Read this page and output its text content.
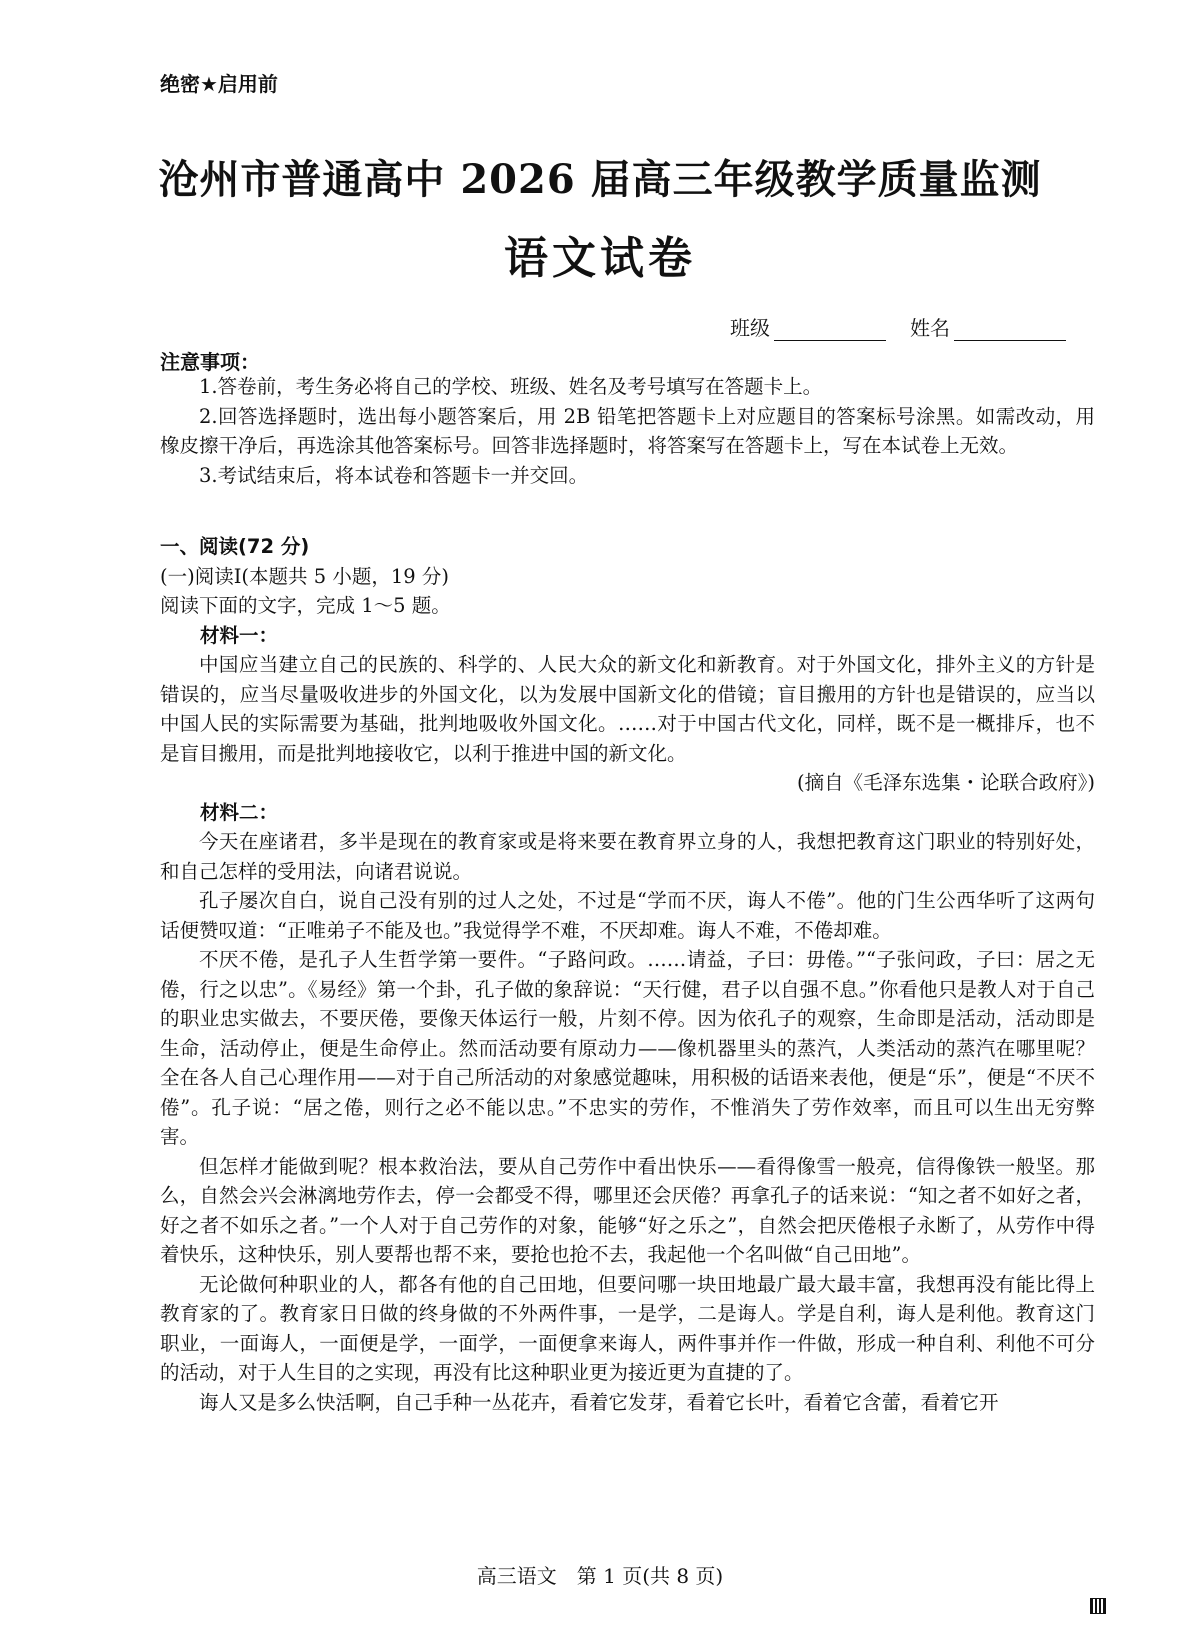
绝密★启用前
沧州市普通高中 2026 届高三年级教学质量监测
语文试卷
班级	姓名
注意事项：

1.答卷前，考生务必将自己的学校、班级、姓名及考号填写在答题卡上。

2.回答选择题时，选出每小题答案后，用 2B 铅笔把答题卡上对应题目的答案标号涂黑。如需改动，用橡皮擦干净后，再选涂其他答案标号。回答非选择题时，将答案写在答题卡上，写在本试卷上无效。

3.考试结束后，将本试卷和答题卡一并交回。

一、阅读(72 分)

(一)阅读Ⅰ(本题共 5 小题，19 分)

阅读下面的文字，完成 1～5 题。

材料一：

中国应当建立自己的民族的、科学的、人民大众的新文化和新教育。对于外国文化，排外主义的方针是错误的，应当尽量吸收进步的外国文化，以为发展中国新文化的借镜；盲目搬用的方针也是错误的，应当以中国人民的实际需要为基础，批判地吸收外国文化。……对于中国古代文化，同样，既不是一概排斥，也不是盲目搬用，而是批判地接收它，以利于推进中国的新文化。

(摘自《毛泽东选集・论联合政府》)

材料二：

今天在座诸君，多半是现在的教育家或是将来要在教育界立身的人，我想把教育这门职业的特别好处，和自己怎样的受用法，向诸君说说。

孔子屡次自白，说自己没有别的过人之处，不过是“学而不厌，诲人不倦”。他的门生公西华听了这两句话便赞叹道：“正唯弟子不能及也。”我觉得学不难，不厌却难。诲人不难，不倦却难。

不厌不倦，是孔子人生哲学第一要件。“子路问政。……请益，子曰：毋倦。”“子张问政，子曰：居之无倦，行之以忠”。《易经》第一个卦，孔子做的象辞说：“天行健，君子以自强不息。”你看他只是教人对于自己的职业忠实做去，不要厌倦，要像天体运行一般，片刻不停。因为依孔子的观察，生命即是活动，活动即是生命，活动停止，便是生命停止。然而活动要有原动力——像机器里头的蒸汽，人类活动的蒸汽在哪里呢？全在各人自己心理作用——对于自己所活动的对象感觉趣味，用积极的话语来表他，便是“乐”，便是“不厌不倦”。孔子说：“居之倦，则行之必不能以忠。”不忠实的劳作，不惟消失了劳作效率，而且可以生出无穷弊害。

但怎样才能做到呢？根本救治法，要从自己劳作中看出快乐——看得像雪一般亮，信得像铁一般坚。那么，自然会兴会淋漓地劳作去，停一会都受不得，哪里还会厌倦？再拿孔子的话来说：“知之者不如好之者，好之者不如乐之者。”一个人对于自己劳作的对象，能够“好之乐之”，自然会把厌倦根子永断了，从劳作中得着快乐，这种快乐，别人要帮也帮不来，要抢也抢不去，我起他一个名叫做“自己田地”。

无论做何种职业的人，都各有他的自己田地，但要问哪一块田地最广最大最丰富，我想再没有能比得上教育家的了。教育家日日做的终身做的不外两件事，一是学，二是诲人。学是自利，诲人是利他。教育这门职业，一面诲人，一面便是学，一面学，一面便拿来诲人，两件事并作一件做，形成一种自利、利他不可分的活动，对于人生目的之实现，再没有比这种职业更为接近更为直捷的了。

诲人又是多么快活啊，自己手种一丛花卉，看着它发芽，看着它长叶，看着它含蕾，看着它开

高三语文　第 1 页(共 8 页)
